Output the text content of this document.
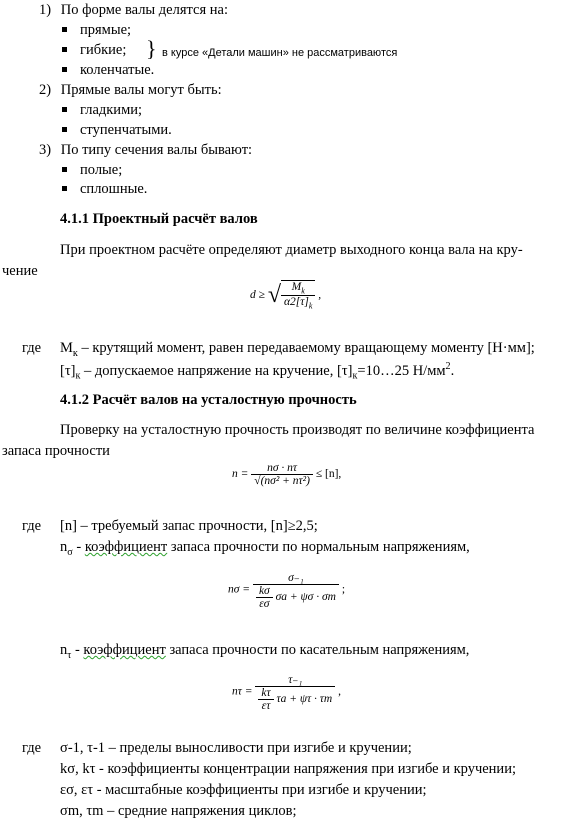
1) По форме валы делятся на:
прямые;
гибкие;
коленчатые.
} в курсе «Детали машин» не рассматриваются
2) Прямые валы могут быть:
гладкими;
ступенчатыми.
3) По типу сечения валы бывают:
полые;
сплошные.
4.1.1 Проектный расчёт валов
При проектном расчёте определяют диаметр выходного конца вала на кру-
чение
d ≥ √ $\frac{M_k}{\alpha 2[\tau]_k}$ ,
где $M_к$ – крутящий момент, равен передаваемому вращающему моменту [Н·мм];
$[\tau]_к$ – допускаемое напряжение на кручение, $[\tau]_к=10\dots 25$ $Н/мм^2$.
4.1.2 Расчёт валов на усталостную прочность
Проверку на усталостную прочность производят по величине коэффициента
запаса прочности
$n = \frac{n\sigma \cdot n\tau}{\text{√(nσ² + nτ²)}} \le [n]$,
где [n] – требуемый запас прочности, [n]≥2,5;
$n_\sigma$ - коэффициент запаса прочности по нормальным напряжениям,
$n\sigma = \frac{\text{σ₋₁}}{\frac{k\sigma}{\varepsilon\sigma} \sigma a + \psi\sigma \cdot \sigma m}$ ;
$n_\tau$ - коэффициент запаса прочности по касательным напряжениям,
$n\tau = \frac{\text{τ₋₁}}{\frac{k\tau}{\varepsilon\tau} \tau a + \psi\tau \cdot \tau m}$ ,
где σ-1, τ-1 – пределы выносливости при изгибе и кручении;
kσ, kτ - коэффициенты концентрации напряжения при изгибе и кручении;
εσ, ετ - масштабные коэффициенты при изгибе и кручении;
σm, τm – средние напряжения циклов;
